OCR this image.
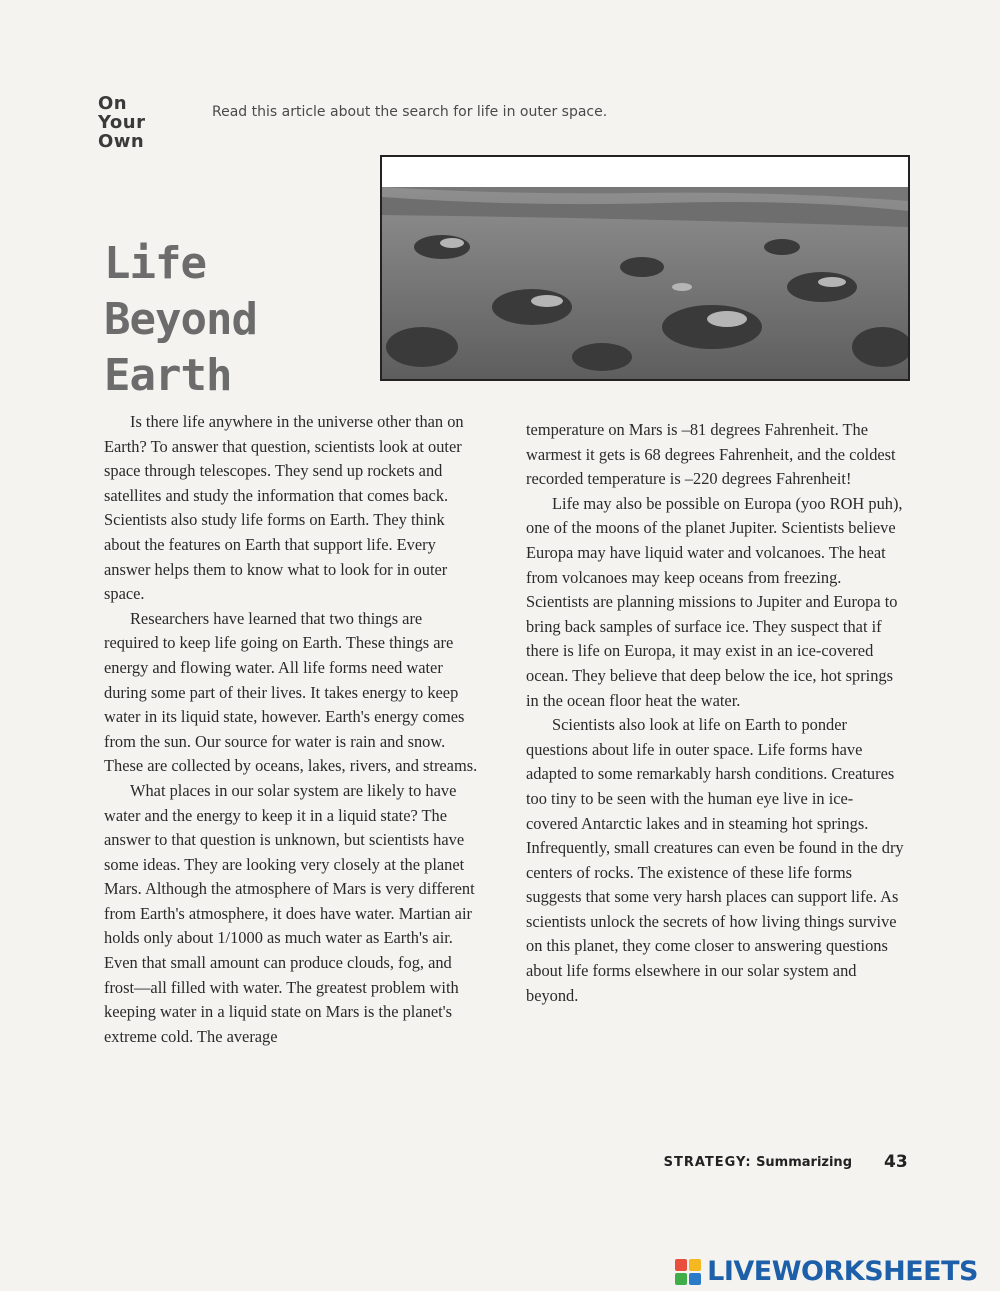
On
Your
Own
Read this article about the search for life in outer space.
Life Beyond
Earth

Is there life anywhere in the universe other than on Earth? To answer that question, scientists look at outer space through telescopes. They send up rockets and satellites and study the information that comes back. Scientists also study life forms on Earth. They think about the features on Earth that support life. Every answer helps them to know what to look for in outer space.

Researchers have learned that two things are required to keep life going on Earth. These things are energy and flowing water. All life forms need water during some part of their lives. It takes energy to keep water in its liquid state, however. Earth's energy comes from the sun. Our source for water is rain and snow. These are collected by oceans, lakes, rivers, and streams.

What places in our solar system are likely to have water and the energy to keep it in a liquid state? The answer to that question is unknown, but scientists have some ideas. They are looking very closely at the planet Mars. Although the atmosphere of Mars is very different from Earth's atmosphere, it does have water. Martian air holds only about 1/1000 as much water as Earth's air. Even that small amount can produce clouds, fog, and frost—all filled with water. The greatest problem with keeping water in a liquid state on Mars is the planet's extreme cold. The average

temperature on Mars is –81 degrees Fahrenheit. The warmest it gets is 68 degrees Fahrenheit, and the coldest recorded temperature is –220 degrees Fahrenheit!

Life may also be possible on Europa (yoo ROH puh), one of the moons of the planet Jupiter. Scientists believe Europa may have liquid water and volcanoes. The heat from volcanoes may keep oceans from freezing. Scientists are planning missions to Jupiter and Europa to bring back samples of surface ice. They suspect that if there is life on Europa, it may exist in an ice-covered ocean. They believe that deep below the ice, hot springs in the ocean floor heat the water.

Scientists also look at life on Earth to ponder questions about life in outer space. Life forms have adapted to some remarkably harsh conditions. Creatures too tiny to be seen with the human eye live in ice-covered Antarctic lakes and in steaming hot springs. Infrequently, small creatures can even be found in the dry centers of rocks. The existence of these life forms suggests that some very harsh places can support life. As scientists unlock the secrets of how living things survive on this planet, they come closer to answering questions about life forms elsewhere in our solar system and beyond.

STRATEGY: Summarizing 43
LIVEWORKSHEETS
